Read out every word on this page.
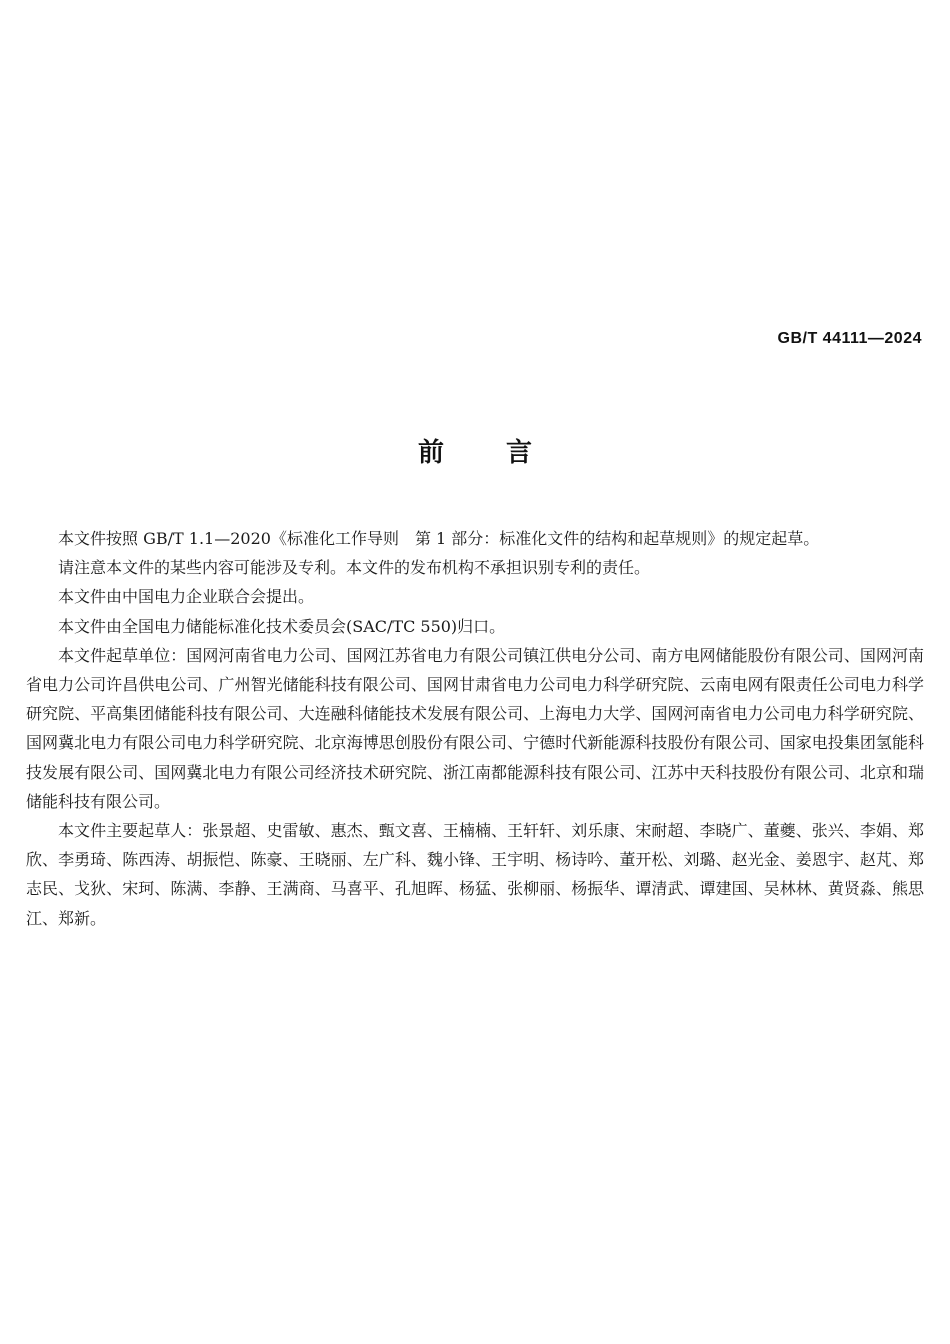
GB/T 44111—2024
前言

本文件按照 GB/T 1.1—2020《标准化工作导则　第 1 部分：标准化文件的结构和起草规则》的规定起草。

请注意本文件的某些内容可能涉及专利。本文件的发布机构不承担识别专利的责任。

本文件由中国电力企业联合会提出。

本文件由全国电力储能标准化技术委员会(SAC/TC 550)归口。

本文件起草单位：国网河南省电力公司、国网江苏省电力有限公司镇江供电分公司、南方电网储能股份有限公司、国网河南省电力公司许昌供电公司、广州智光储能科技有限公司、国网甘肃省电力公司电力科学研究院、云南电网有限责任公司电力科学研究院、平高集团储能科技有限公司、大连融科储能技术发展有限公司、上海电力大学、国网河南省电力公司电力科学研究院、国网冀北电力有限公司电力科学研究院、北京海博思创股份有限公司、宁德时代新能源科技股份有限公司、国家电投集团氢能科技发展有限公司、国网冀北电力有限公司经济技术研究院、浙江南都能源科技有限公司、江苏中天科技股份有限公司、北京和瑞储能科技有限公司。

本文件主要起草人：张景超、史雷敏、惠杰、甄文喜、王楠楠、王轩轩、刘乐康、宋耐超、李晓广、董夔、张兴、李娟、郑欣、李勇琦、陈西涛、胡振恺、陈豪、王晓丽、左广科、魏小锋、王宇明、杨诗吟、董开松、刘璐、赵光金、姜恩宇、赵芃、郑志民、戈狄、宋珂、陈满、李静、王满商、马喜平、孔旭晖、杨猛、张柳丽、杨振华、谭清武、谭建国、吴林林、黄贤淼、熊思江、郑新。
